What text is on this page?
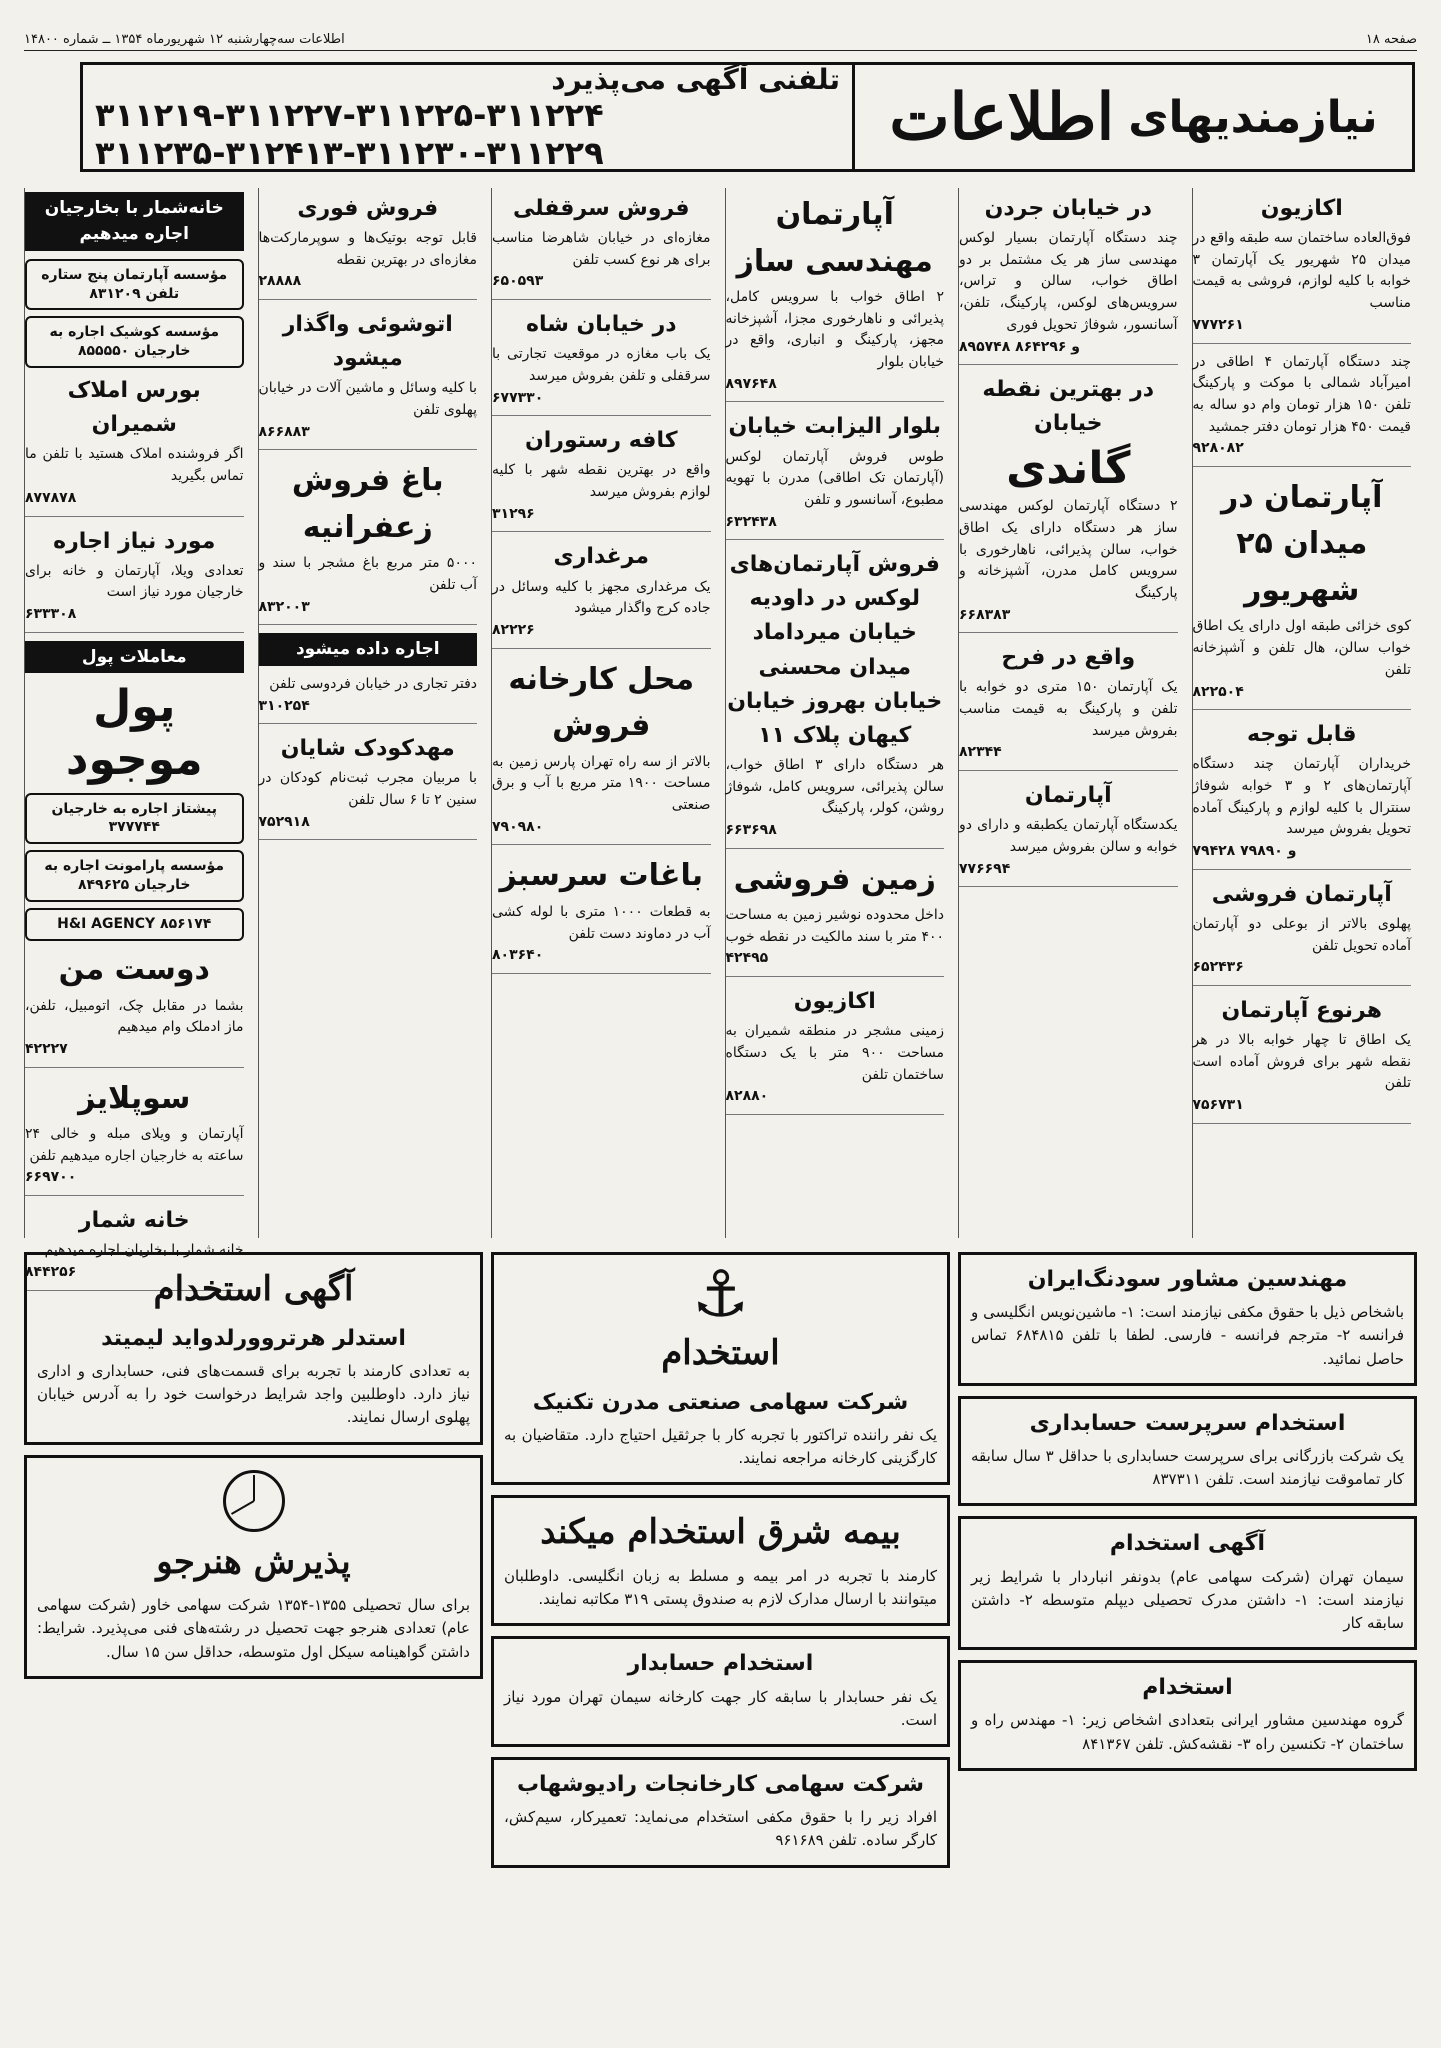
صفحه ۱۸
اطلاعات سه‌چهارشنبه ۱۲ شهریورماه ۱۳۵۴ ــ شماره ۱۴۸۰۰
نیازمندیهای
اطلاعات
تلفنی آگهی می‌پذیرد
۳۱۱۲۱۹-۳۱۱۲۲۷-۳۱۱۲۲۵-۳۱۱۲۲۴
۳۱۱۲۳۵-۳۱۲۴۱۳-۳۱۱۲۳۰-۳۱۱۲۲۹
اکازیون

فوق‌العاده ساختمان سه طبقه واقع در میدان ۲۵ شهریور یک آپارتمان ۳ خوابه با کلیه لوازم، فروشی به قیمت مناسب

۷۷۷۲۶۱

چند دستگاه آپارتمان ۴ اطاقی در امیرآباد شمالی با موکت و پارکینگ تلفن ۱۵۰ هزار تومان وام دو ساله به قیمت ۴۵۰ هزار تومان دفتر جمشید

۹۲۸۰۸۲
آپارتمان در میدان ۲۵ شهریور

کوی خزائی طبقه اول دارای یک اطاق خواب سالن، هال تلفن و آشپزخانه تلفن

۸۲۲۵۰۴
قابل توجه

خریداران آپارتمان چند دستگاه آپارتمان‌های ۲ و ۳ خوابه شوفاژ سنترال با کلیه لوازم و پارکینگ آماده تحویل بفروش میرسد

۷۹۴۲۸ و ۷۹۸۹۰
آپارتمان فروشی

پهلوی بالاتر از بوعلی دو آپارتمان آماده تحویل تلفن

۶۵۲۴۳۶
هرنوع آپارتمان

یک اطاق تا چهار خوابه بالا در هر نقطه شهر برای فروش آماده است تلفن

۷۵۶۷۳۱
در خیابان جردن

چند دستگاه آپارتمان بسیار لوکس مهندسی ساز هر یک مشتمل بر دو اطاق خواب، سالن و تراس، سرویس‌های لوکس، پارکینگ، تلفن، آسانسور، شوفاژ تحویل فوری

۸۹۵۷۴۸ و ۸۶۴۲۹۶
در بهترین نقطه خیابان
گاندی

۲ دستگاه آپارتمان لوکس مهندسی ساز هر دستگاه دارای یک اطاق خواب، سالن پذیرائی، ناهارخوری با سرویس کامل مدرن، آشپزخانه و پارکینگ

۶۶۸۳۸۳
واقع در فرح

یک آپارتمان ۱۵۰ متری دو خوابه با تلفن و پارکینگ به قیمت مناسب بفروش میرسد

۸۲۳۴۴
آپارتمان

یکدستگاه آپارتمان یکطبقه و دارای دو خوابه و سالن بفروش میرسد

۷۷۶۶۹۴
آپارتمان مهندسی ساز

۲ اطاق خواب با سرویس کامل، پذیرائی و ناهارخوری مجزا، آشپزخانه مجهز، پارکینگ و انباری، واقع در خیابان بلوار

۸۹۷۶۴۸
بلوار الیزابت خیابان

طوس فروش آپارتمان لوکس (آپارتمان تک اطاقی) مدرن با تهویه مطبوع، آسانسور و تلفن

۶۳۲۴۳۸
فروش آپارتمان‌های لوکس در داودیه خیابان میرداماد میدان محسنی خیابان بهروز خیابان کیهان پلاک ۱۱

هر دستگاه دارای ۳ اطاق خواب، سالن پذیرائی، سرویس کامل، شوفاژ روشن، کولر، پارکینگ

۶۶۳۶۹۸
زمین فروشی

داخل محدوده نوشیر زمین به مساحت ۴۰۰ متر با سند مالکیت در نقطه خوب

۴۲۴۹۵
اکازیون

زمینی مشجر در منطقه شمیران به مساحت ۹۰۰ متر با یک دستگاه ساختمان تلفن

۸۲۸۸۰
فروش سرقفلی

مغازه‌ای در خیابان شاهرضا مناسب برای هر نوع کسب تلفن

۶۵۰۵۹۳
در خیابان شاه

یک باب مغازه در موقعیت تجارتی با سرقفلی و تلفن بفروش میرسد

۶۷۷۳۳۰
کافه رستوران

واقع در بهترین نقطه شهر با کلیه لوازم بفروش میرسد

۳۱۲۹۶
مرغداری

یک مرغداری مجهز با کلیه وسائل در جاده کرج واگذار میشود

۸۲۲۲۶
محل کارخانه فروش

بالاتر از سه راه تهران پارس زمین به مساحت ۱۹۰۰ متر مربع با آب و برق صنعتی

۷۹۰۹۸۰
باغات سرسبز

به قطعات ۱۰۰۰ متری با لوله کشی آب در دماوند دست تلفن

۸۰۳۶۴۰
فروش فوری

قابل توجه بوتیک‌ها و سوپرمارکت‌ها مغازه‌ای در بهترین نقطه

۲۸۸۸۸
اتوشوئی واگذار میشود

با کلیه وسائل و ماشین آلات در خیابان پهلوی تلفن

۸۶۶۸۸۳
باغ فروش زعفرانیه

۵۰۰۰ متر مربع باغ مشجر با سند و آب تلفن

۸۳۲۰۰۳
اجاره داده میشود

دفتر تجاری در خیابان فردوسی تلفن

۳۱۰۲۵۴
مهدکودک شایان

با مربیان مجرب ثبت‌نام کودکان در سنین ۲ تا ۶ سال تلفن

۷۵۲۹۱۸
خانه‌شمار با بخارجیان اجاره میدهیم
مؤسسه آپارتمان پنج ستاره تلفن ۸۳۱۲۰۹
مؤسسه کوشیک اجاره به خارجیان ۸۵۵۵۵۰
بورس املاک شمیران

اگر فروشنده املاک هستید با تلفن ما تماس بگیرید

۸۷۷۸۷۸
مورد نیاز اجاره

تعدادی ویلا، آپارتمان و خانه برای خارجیان مورد نیاز است

۶۳۳۳۰۸
معاملات پول
پول موجود
پیشتاز اجاره به خارجیان ۳۷۷۷۴۴
مؤسسه پارامونت اجاره به خارجیان ۸۴۹۶۲۵
H&I AGENCY ۸۵۶۱۷۴
دوست من

بشما در مقابل چک، اتومبیل، تلفن، ماز ادملک وام میدهیم

۴۲۲۲۷
سوپلایز

آپارتمان و ویلای مبله و خالی ۲۴ ساعته به خارجیان اجاره میدهیم تلفن

۶۶۹۷۰۰
خانه شمار

خانه شمار با بخاریان اجاره میدهیم

۸۴۴۲۵۶	مهندسین مشاور سودنگ‌ایران

باشخاص ذیل با حقوق مکفی نیازمند است: ۱- ماشین‌نویس انگلیسی و فرانسه ۲- مترجم فرانسه - فارسی. لطفا با تلفن ۶۸۴۸۱۵ تماس حاصل نمائید.

استخدام سرپرست حسابداری

یک شرکت بازرگانی برای سرپرست حسابداری با حداقل ۳ سال سابقه کار تماموقت نیازمند است. تلفن ۸۳۷۳۱۱

آگهی استخدام

سیمان تهران (شرکت سهامی عام) بدونفر انباردار با شرایط زیر نیازمند است: ۱- داشتن مدرک تحصیلی دیپلم متوسطه ۲- داشتن سابقه کار

استخدام

گروه مهندسین مشاور ایرانی بتعدادی اشخاص زیر: ۱- مهندس راه و ساختمان ۲- تکنسین راه ۳- نقشه‌کش. تلفن ۸۴۱۳۶۷

⚓
استخدام
شرکت سهامی صنعتی مدرن تکنیک

یک نفر راننده تراکتور با تجربه کار با جرثقیل احتیاج دارد. متقاضیان به کارگزینی کارخانه مراجعه نمایند.

بیمه شرق استخدام میکند

کارمند با تجربه در امر بیمه و مسلط به زبان انگلیسی. داوطلبان میتوانند با ارسال مدارک لازم به صندوق پستی ۳۱۹ مکاتبه نمایند.

استخدام حسابدار

یک نفر حسابدار با سابقه کار جهت کارخانه سیمان تهران مورد نیاز است.

شرکت سهامی کارخانجات رادیوشهاب

افراد زیر را با حقوق مکفی استخدام می‌نماید: تعمیرکار، سیم‌کش، کارگر ساده. تلفن ۹۶۱۶۸۹

آگهی استخدام
استدلر هرتروورلدواید لیمیتد

به تعدادی کارمند با تجربه برای قسمت‌های فنی، حسابداری و اداری نیاز دارد. داوطلبین واجد شرایط درخواست خود را به آدرس خیابان پهلوی ارسال نمایند.

پذیرش هنرجو

برای سال تحصیلی ۱۳۵۵-۱۳۵۴ شرکت سهامی خاور (شرکت سهامی عام) تعدادی هنرجو جهت تحصیل در رشته‌های فنی می‌پذیرد. شرایط: داشتن گواهینامه سیکل اول متوسطه، حداقل سن ۱۵ سال.
